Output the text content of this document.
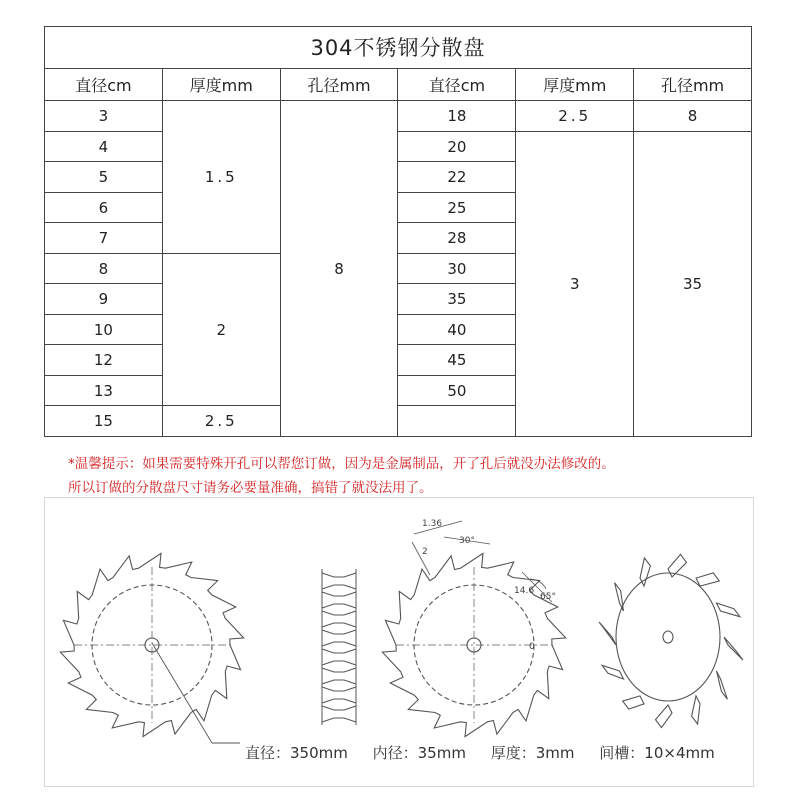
304不锈钢分散盘					
直径cm	厚度mm	孔径mm	直径cm	厚度mm	孔径mm
3	1.5	8	18	2.5	8
4			20	3	35
5			22		
6			25		
7			28		
8	2		30		
9			35		
10			40		
12			45		
13			50		
15	2.5				
*温馨提示：如果需要特殊开孔可以帮您订做，因为是金属制品，开了孔后就没办法修改的。
所以订做的分散盘尺寸请务必要量准确，搞错了就没法用了。
1.36
2
30°
14.6
65°
0
直径：350mm 内径：35mm 厚度：3mm 间槽：10×4mm
